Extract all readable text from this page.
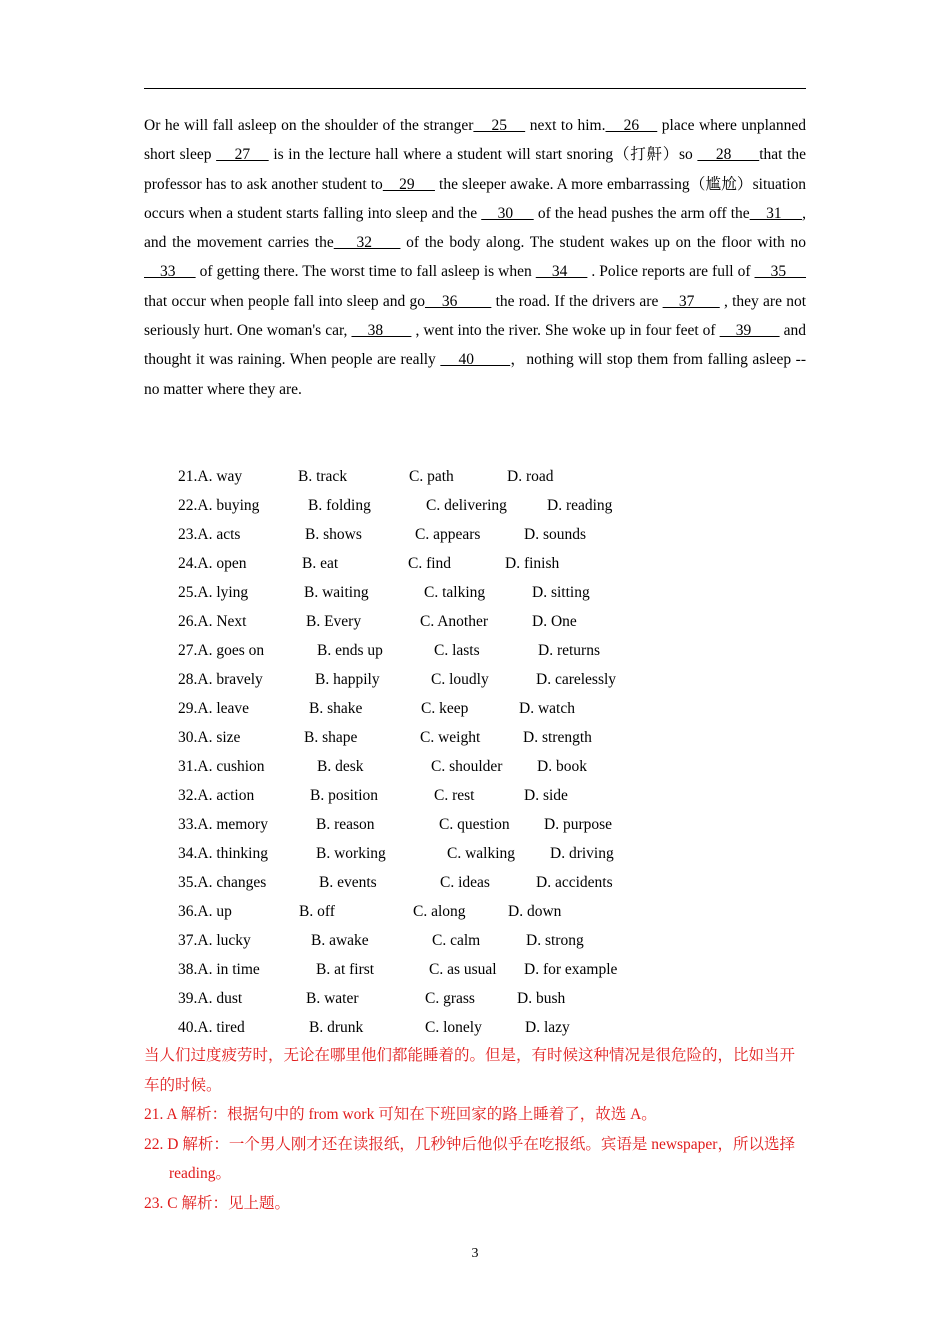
Or he will fall asleep on the shoulder of the stranger    25     next to him.    26     place where unplanned short sleep     27     is in the lecture hall where a student will start snoring（打鼾）so     28      that the professor has to ask another student to    29      the sleeper awake. A more embarrassing（尴尬）situation occurs when a student starts falling into sleep and the     30      of the head pushes the arm off the    31     , and the movement carries the    32      of the body along. The student wakes up on the floor with no    33      of getting there. The worst time to fall asleep is when     34      . Police reports are full of     35      that occur when people fall into sleep and go    36         the road. If the drivers are   _37       , they are not seriously hurt. One woman's car,     38        , went into the river. She woke up in four feet of     39        and thought it was raining. When people are really     40        ，nothing will stop them from falling asleep -- no matter where they are.
21.A. way	B. track	C. path	D. road
22.A. buying	B. folding	C. delivering	D. reading
23.A. acts	B. shows	C. appears	D. sounds
24.A. open	B. eat	C. find	D. finish
25.A. lying	B. waiting	C. talking	D. sitting
26.A. Next	B. Every	C. Another	D. One
27.A. goes on	B. ends up	C. lasts	D. returns
28.A. bravely	B. happily	C. loudly	D. carelessly
29.A. leave	B. shake	C. keep	D. watch
30.A. size	B. shape	C. weight	D. strength
31.A. cushion	B. desk	C. shoulder D. book
32.A. action	B. position	C. rest	D. side
33.A. memory	B. reason	C. question D. purpose
34.A. thinking	B. working	C. walking D. driving
35.A. changes	B. events	C. ideas	D. accidents
36.A. up	B. off	C. along	D. down
37.A. lucky	B. awake	C. calm	D. strong
38.A. in time	B. at first	C. as usual D. for example
39.A. dust	B. water	C. grass	D. bush
40.A. tired	B. drunk	C. lonely	D. lazy

当人们过度疲劳时，无论在哪里他们都能睡着的。但是，有时候这种情况是很危险的，比如当开车的时候。

21. A 解析：根据句中的 from work 可知在下班回家的路上睡着了，故选 A。

22. D 解析：一个男人刚才还在读报纸，几秒钟后他似乎在吃报纸。宾语是 newspaper，所以选择 reading。

23. C 解析：见上题。

3
